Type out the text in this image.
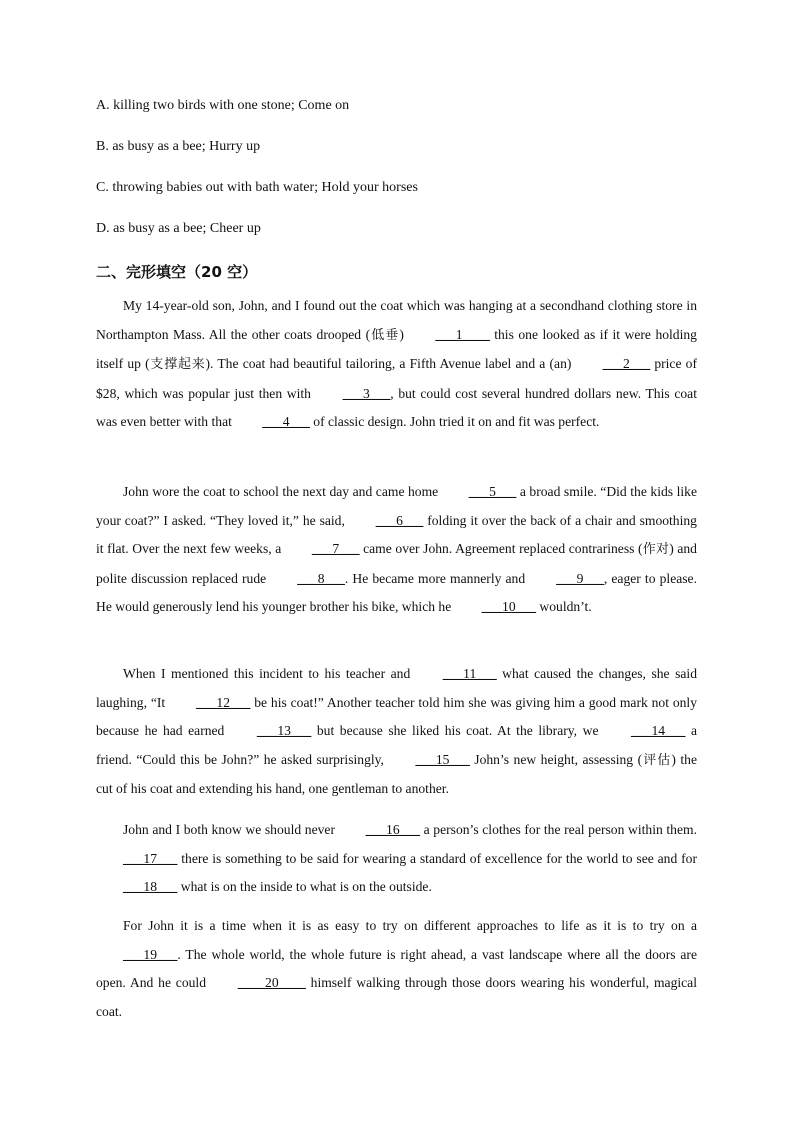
A. killing two birds with one stone; Come on
B. as busy as a bee; Hurry up
C. throwing babies out with bath water; Hold your horses
D. as busy as a bee; Cheer up
二、完形填空（20 空）

My 14-year-old son, John, and I found out the coat which was hanging at a secondhand clothing store in Northampton Mass. All the other coats drooped (低垂) ___1____ this one looked as if it were holding itself up (支撑起来). The coat had beautiful tailoring, a Fifth Avenue label and a (an) ___2___ price of $28, which was popular just then with ___3___, but could cost several hundred dollars new. This coat was even better with that ___4___ of classic design. John tried it on and fit was perfect.

John wore the coat to school the next day and came home ___5___ a broad smile. “Did the kids like your coat?” I asked. “They loved it,” he said, ___6___ folding it over the back of a chair and smoothing it flat. Over the next few weeks, a ___7___ came over John. Agreement replaced contrariness (作对) and polite discussion replaced rude ___8___. He became more mannerly and ___9___, eager to please. He would generously lend his younger brother his bike, which he ___10___ wouldn’t.

When I mentioned this incident to his teacher and ___11___ what caused the changes, she said laughing, “It ___12___ be his coat!” Another teacher told him she was giving him a good mark not only because he had earned ___13___ but because she liked his coat. At the library, we ___14___ a friend. “Could this be John?” he asked surprisingly, ___15___ John’s new height, assessing (评估) the cut of his coat and extending his hand, one gentleman to another.

John and I both know we should never ___16___ a person’s clothes for the real person within them. ___17___ there is something to be said for wearing a standard of excellence for the world to see and for ___18___ what is on the inside to what is on the outside.

For John it is a time when it is as easy to try on different approaches to life as it is to try on a ___19___. The whole world, the whole future is right ahead, a vast landscape where all the doors are open. And he could ____20____ himself walking through those doors wearing his wonderful, magical coat.
